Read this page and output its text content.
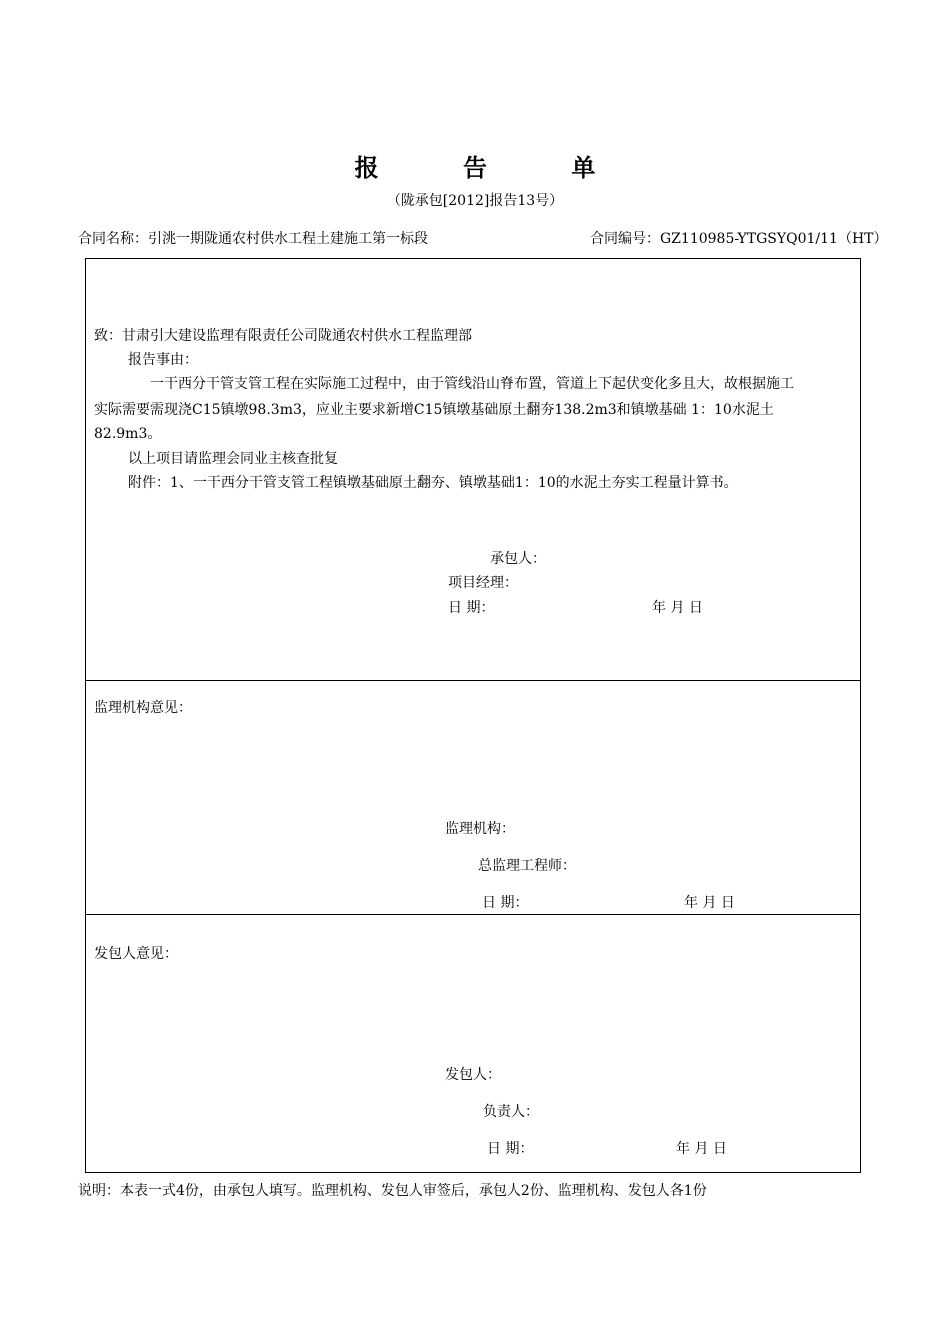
报 告 单
（陇承包[2012]报告13号）
合同名称：引洮一期陇通农村供水工程土建施工第一标段	合同编号：GZ110985-YTGSYQ01/11（HT）
致：甘肃引大建设监理有限责任公司陇通农村供水工程监理部
报告事由：
一干西分干管支管工程在实际施工过程中，由于管线沿山脊布置，管道上下起伏变化多且大，故根据施工
实际需要需现浇C15镇墩98.3m3，应业主要求新增C15镇墩基础原土翻夯138.2m3和镇墩基础 1：10水泥土
82.9m3。
以上项目请监理会同业主核查批复
附件：1、一干西分干管支管工程镇墩基础原土翻夯、镇墩基础1：10的水泥土夯实工程量计算书。
承包人：
项目经理：
日 期：	年 月 日
监理机构意见：
监理机构：
总监理工程师：
日 期：	年 月 日
发包人意见：
发包人：
负责人：
日 期：	年 月 日
说明：本表一式4份，由承包人填写。监理机构、发包人审签后，承包人2份、监理机构、发包人各1份
